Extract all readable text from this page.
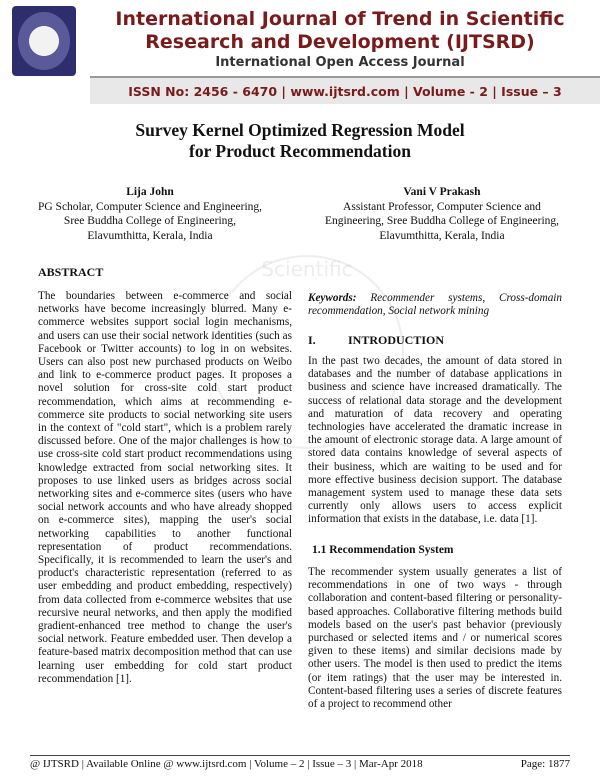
International Journal of Trend in Scientific
Research and Development (IJTSRD)
International Open Access Journal
ISSN No: 2456 - 6470 | www.ijtsrd.com | Volume - 2 | Issue – 3
Scientific
Survey Kernel Optimized Regression Model
for Product Recommendation
Lija John
PG Scholar, Computer Science and Engineering,
Sree Buddha College of Engineering,
Elavumthitta, Kerala, India
Vani V Prakash
Assistant Professor, Computer Science and
Engineering, Sree Buddha College of Engineering,
Elavumthitta, Kerala, India
ABSTRACT
The boundaries between e-commerce and social networks have become increasingly blurred. Many e-commerce websites support social login mechanisms, and users can use their social network identities (such as Facebook or Twitter accounts) to log in on websites. Users can also post new purchased products on Weibo and link to e-commerce product pages. It proposes a novel solution for cross-site cold start product recommendation, which aims at recommending e-commerce site products to social networking site users in the context of "cold start", which is a problem rarely discussed before. One of the major challenges is how to use cross-site cold start product recommendations using knowledge extracted from social networking sites. It proposes to use linked users as bridges across social networking sites and e-commerce sites (users who have social network accounts and who have already shopped on e-commerce sites), mapping the user's social networking capabilities to another functional representation of product recommendations. Specifically, it is recommended to learn the user's and product's characteristic representation (referred to as user embedding and product embedding, respectively) from data collected from e-commerce websites that use recursive neural networks, and then apply the modified gradient-enhanced tree method to change the user's social network. Feature embedded user. Then develop a feature-based matrix decomposition method that can use learning user embedding for cold start product recommendation [1].
Keywords: Recommender systems, Cross-domain recommendation, Social network mining
I.	INTRODUCTION
In the past two decades, the amount of data stored in databases and the number of database applications in business and science have increased dramatically. The success of relational data storage and the development and maturation of data recovery and operating technologies have accelerated the dramatic increase in the amount of electronic storage data. A large amount of stored data contains knowledge of several aspects of their business, which are waiting to be used and for more effective business decision support. The database management system used to manage these data sets currently only allows users to access explicit information that exists in the database, i.e. data [1].
1.1 Recommendation System
The recommender system usually generates a list of recommendations in one of two ways - through collaboration and content-based filtering or personality-based approaches. Collaborative filtering methods build models based on the user's past behavior (previously purchased or selected items and / or numerical scores given to these items) and similar decisions made by other users. The model is then used to predict the items (or item ratings) that the user may be interested in. Content-based filtering uses a series of discrete features of a project to recommend other
@ IJTSRD | Available Online @ www.ijtsrd.com | Volume – 2 | Issue – 3 | Mar-Apr 2018	Page: 1877
